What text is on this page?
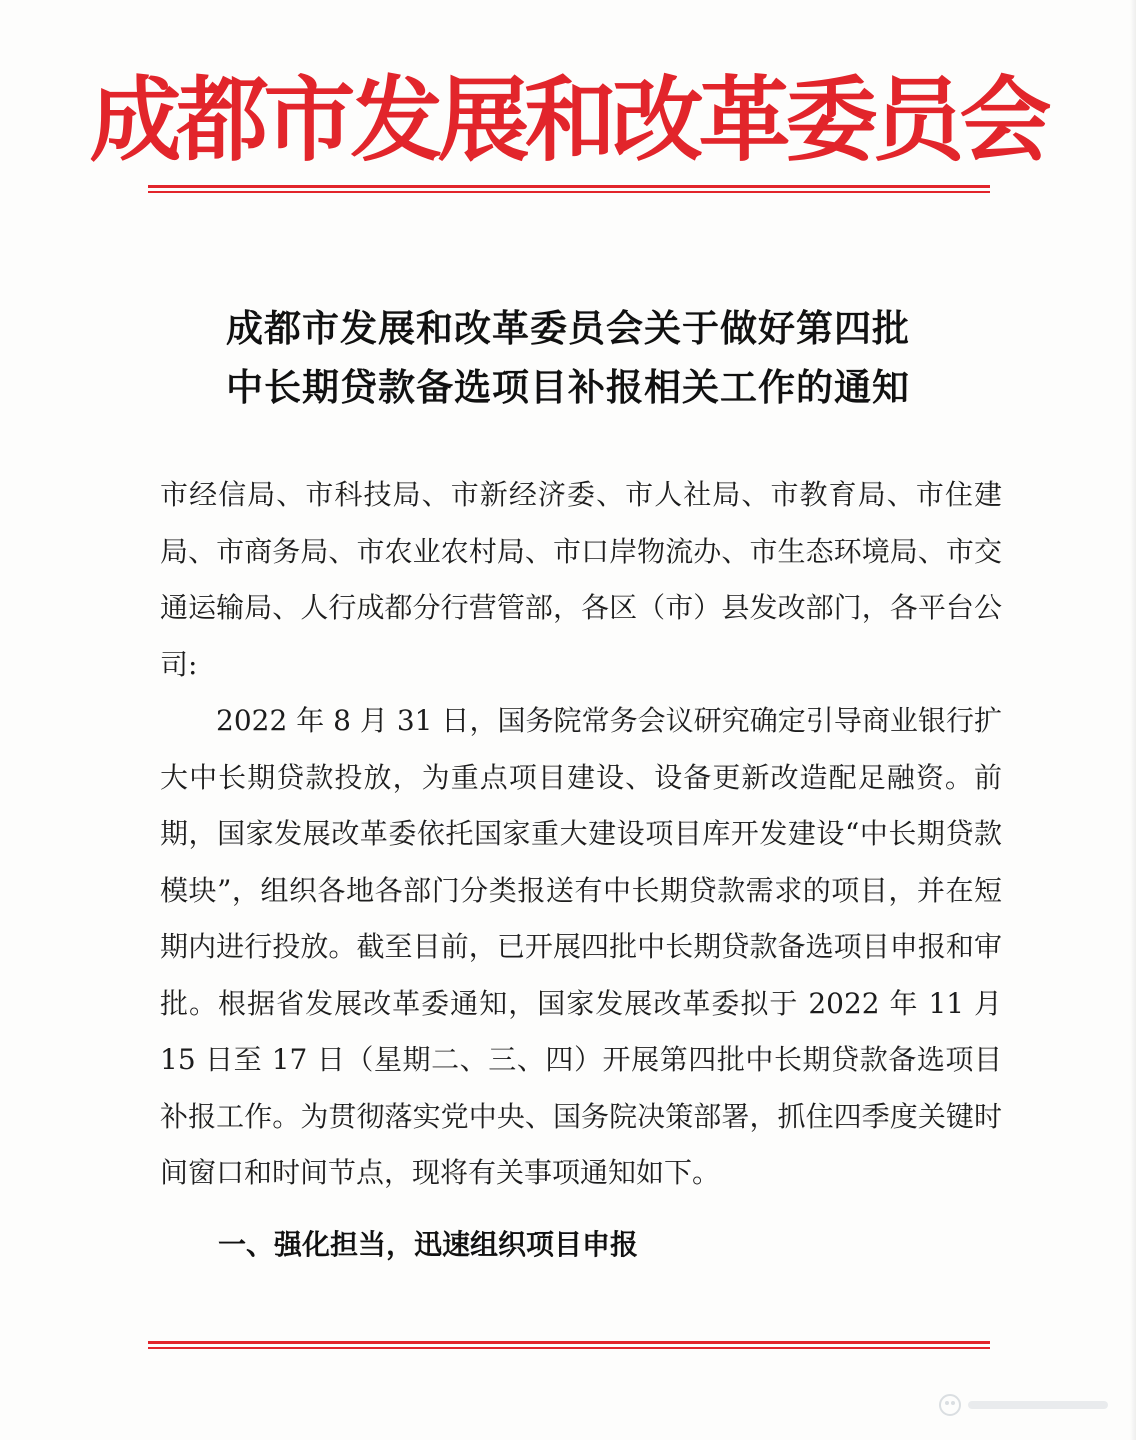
成都市发展和改革委员会
成都市发展和改革委员会关于做好第四批
中长期贷款备选项目补报相关工作的通知

市经信局、市科技局、市新经济委、市人社局、市教育局、市住建局、市商务局、市农业农村局、市口岸物流办、市生态环境局、市交通运输局、人行成都分行营管部，各区（市）县发改部门，各平台公司:

2022 年 8 月 31 日，国务院常务会议研究确定引导商业银行扩大中长期贷款投放，为重点项目建设、设备更新改造配足融资。前期，国家发展改革委依托国家重大建设项目库开发建设“中长期贷款模块”，组织各地各部门分类报送有中长期贷款需求的项目，并在短期内进行投放。截至目前，已开展四批中长期贷款备选项目申报和审批。根据省发展改革委通知，国家发展改革委拟于 2022 年 11 月 15 日至 17 日（星期二、三、四）开展第四批中长期贷款备选项目补报工作。为贯彻落实党中央、国务院决策部署，抓住四季度关键时间窗口和时间节点，现将有关事项通知如下。

一、强化担当，迅速组织项目申报
